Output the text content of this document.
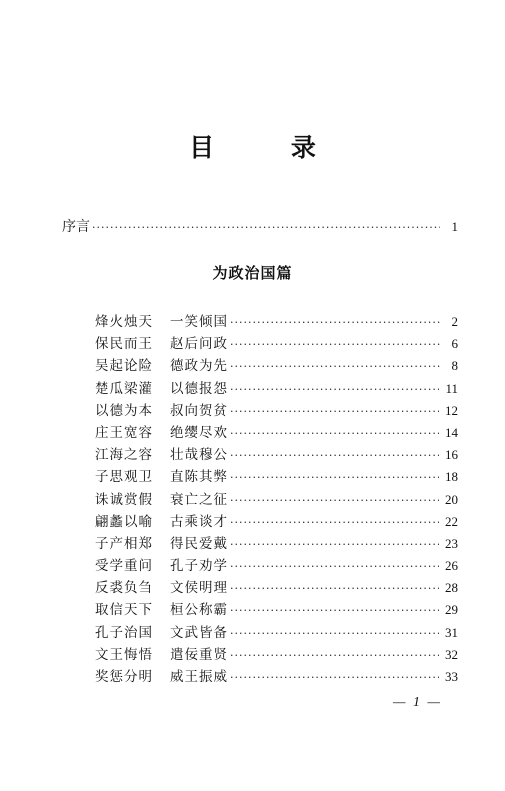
目 录
序言 ·····	1
为政治国篇
烽火烛天	一笑倾国 ·····	2
保民而王	赵后问政 ·····	6
吴起论险	德政为先 ·····	8
楚瓜梁灌	以德报怨 ·····	11
以德为本	叔向贺贫 ·····	12
庄王宽容	绝缨尽欢 ·····	14
江海之容	壮哉穆公 ·····	16
子思观卫	直陈其弊 ·····	18
诛诚赏假	衰亡之征 ·····	20
翩蠡以喻	古乘谈才 ·····	22
子产相郑	得民爱戴 ·····	23
受学重问	孔子劝学 ·····	26
反裘负刍	文侯明理 ·····	28
取信天下	桓公称霸 ·····	29
孔子治国	文武皆备 ·····	31
文王悔悟	遣佞重贤 ·····	32
奖惩分明	威王振威 ·····	33
— 1 —
